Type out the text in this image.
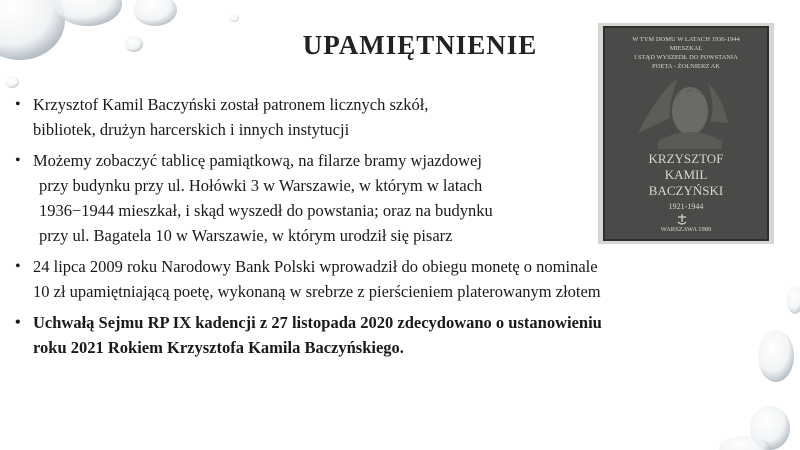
UPAMIĘTNIENIE
• Krzysztof Kamil Baczyński został patronem licznych szkół,
bibliotek, drużyn harcerskich i innych instytucji
• Możemy zobaczyć tablicę pamiątkową, na filarze bramy wjazdowej
przy budynku przy ul. Hołówki 3 w Warszawie, w którym w latach
1936−1944 mieszkał, i skąd wyszedł do powstania; oraz na budynku
przy ul. Bagatela 10 w Warszawie, w którym urodził się pisarz
• 24 lipca 2009 roku Narodowy Bank Polski wprowadził do obiegu monetę o nominale
10 zł upamiętniającą poetę, wykonaną w srebrze z pierścieniem platerowanym złotem
• Uchwałą Sejmu RP IX kadencji z 27 listopada 2020 zdecydowano o ustanowieniu
roku 2021 Rokiem Krzysztofa Kamila Baczyńskiego.
W TYM DOMU W LATACH 1936-1944
MIESZKAŁ
I STĄD WYSZEDŁ DO POWSTANIA
POETA - ŻOŁNIERZ AK
KRZYSZTOF
KAMIL
BACZYŃSKI
1921-1944
WARSZAWA 1989
